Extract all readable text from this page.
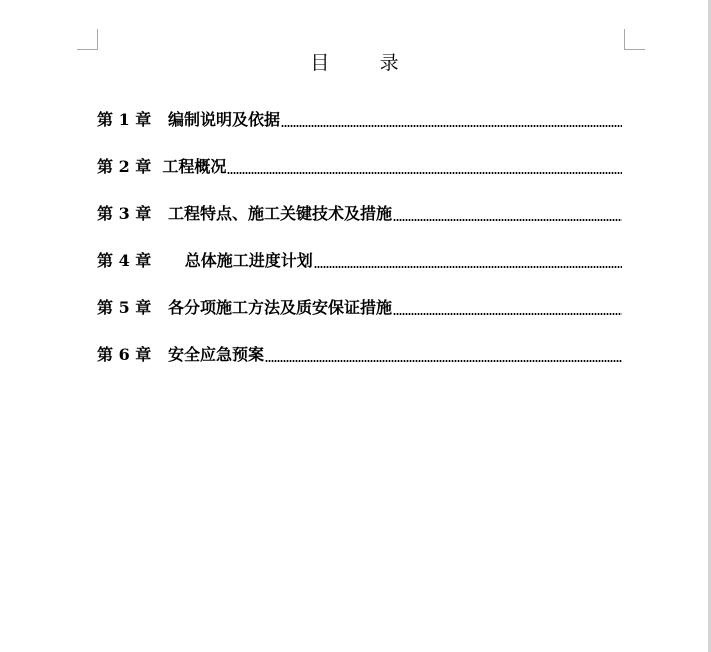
目      录
第 1 章   编制说明及依据
第 2 章  工程概况
第 3 章   工程特点、施工关键技术及措施
第 4 章      总体施工进度计划
第 5 章   各分项施工方法及质安保证措施
第 6 章   安全应急预案
